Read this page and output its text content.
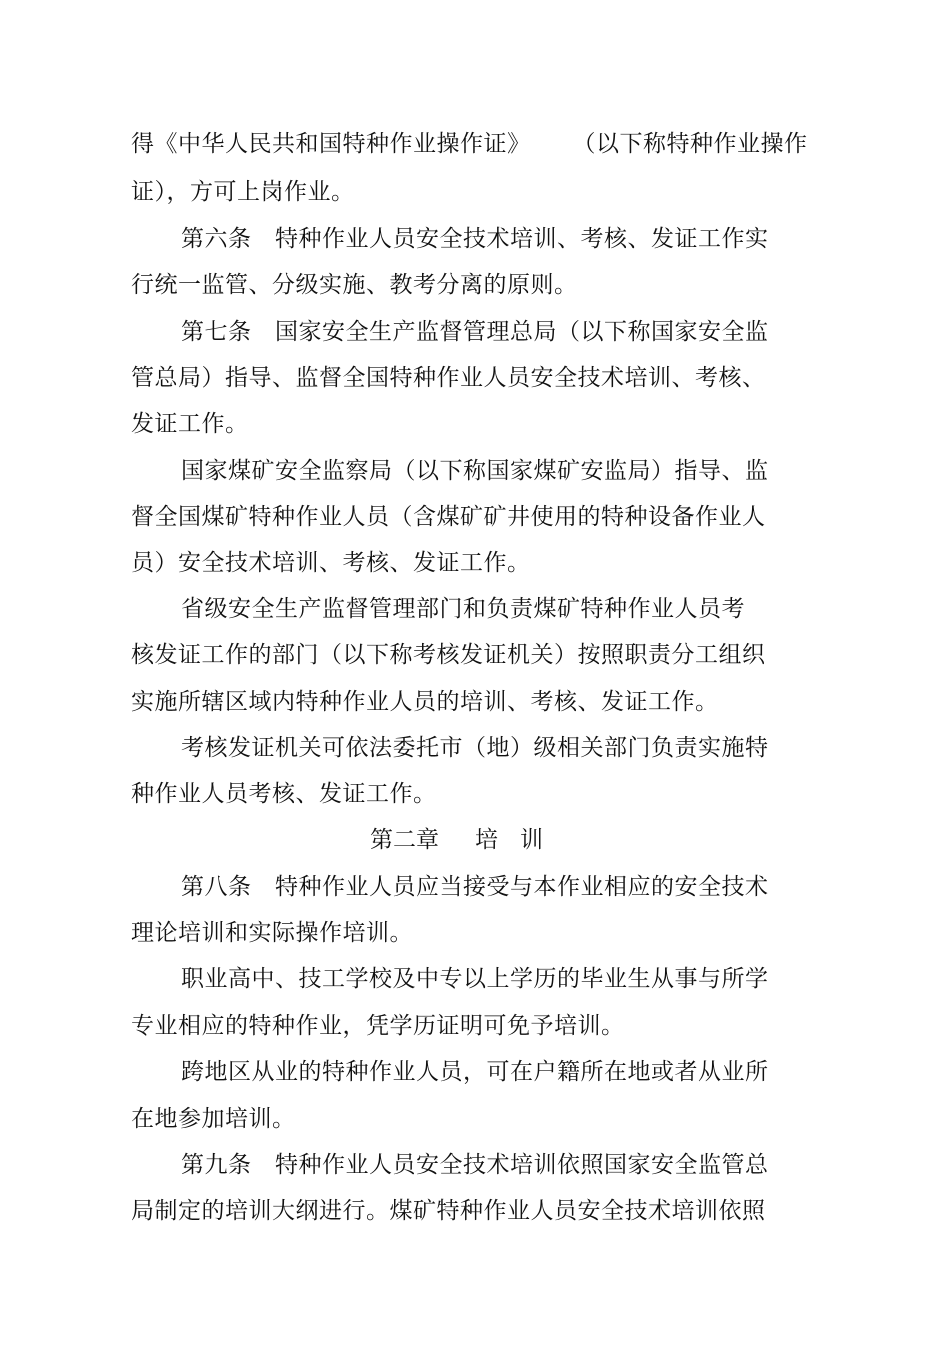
得《中华人民共和国特种作业操作证》 （以下称特种作业操作
证），方可上岗作业。
第六条　特种作业人员安全技术培训、考核、发证工作实
行统一监管、分级实施、教考分离的原则。
第七条　国家安全生产监督管理总局（以下称国家安全监
管总局）指导、监督全国特种作业人员安全技术培训、考核、
发证工作。
国家煤矿安全监察局（以下称国家煤矿安监局）指导、监
督全国煤矿特种作业人员（含煤矿矿井使用的特种设备作业人
员）安全技术培训、考核、发证工作。
省级安全生产监督管理部门和负责煤矿特种作业人员考
核发证工作的部门（以下称考核发证机关）按照职责分工组织
实施所辖区域内特种作业人员的培训、考核、发证工作。
考核发证机关可依法委托市（地）级相关部门负责实施特
种作业人员考核、发证工作。
第二章 培 训
第八条　特种作业人员应当接受与本作业相应的安全技术
理论培训和实际操作培训。
职业高中、技工学校及中专以上学历的毕业生从事与所学
专业相应的特种作业，凭学历证明可免予培训。
跨地区从业的特种作业人员，可在户籍所在地或者从业所
在地参加培训。
第九条　特种作业人员安全技术培训依照国家安全监管总
局制定的培训大纲进行。煤矿特种作业人员安全技术培训依照
